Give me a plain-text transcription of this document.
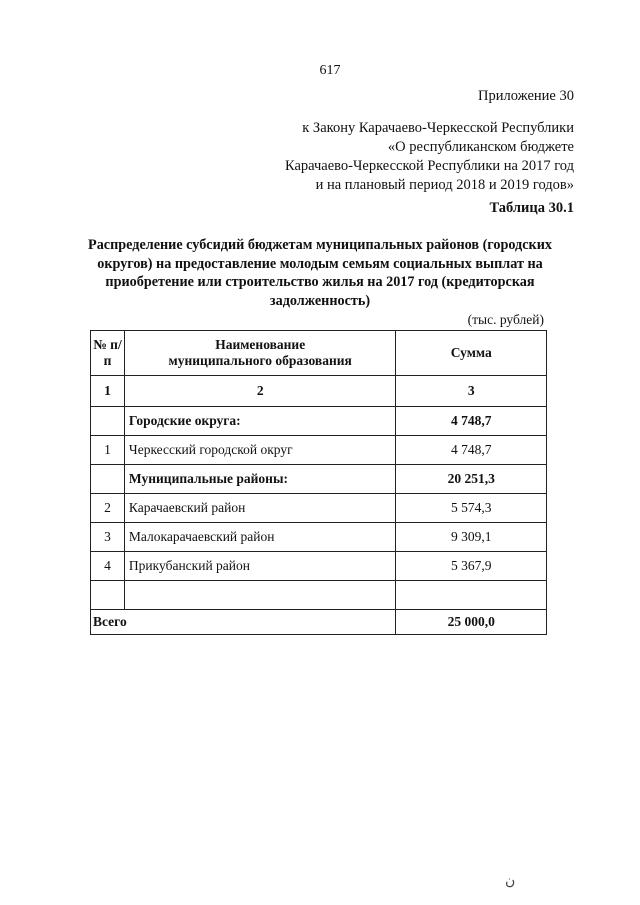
617
Приложение 30
к Закону Карачаево-Черкесской Республики
«О республиканском бюджете
Карачаево-Черкесской Республики на 2017 год
и на плановый период 2018 и 2019 годов»
Таблица 30.1
Распределение субсидий бюджетам муниципальных районов (городских
округов) на предоставление молодым семьям социальных выплат на
приобретение или строительство жилья на 2017 год (кредиторская
задолженность)
(тыс. рублей)
№ п/п	Наименование муниципального образования	Сумма
1	2	3
	Городские округа:	4 748,7
1	Черкесский городской округ	4 748,7
	Муниципальные районы:	20 251,3
2	Карачаевский район	5 574,3
3	Малокарачаевский район	9 309,1
4	Прикубанский район	5 367,9

Всего		25 000,0
ن
